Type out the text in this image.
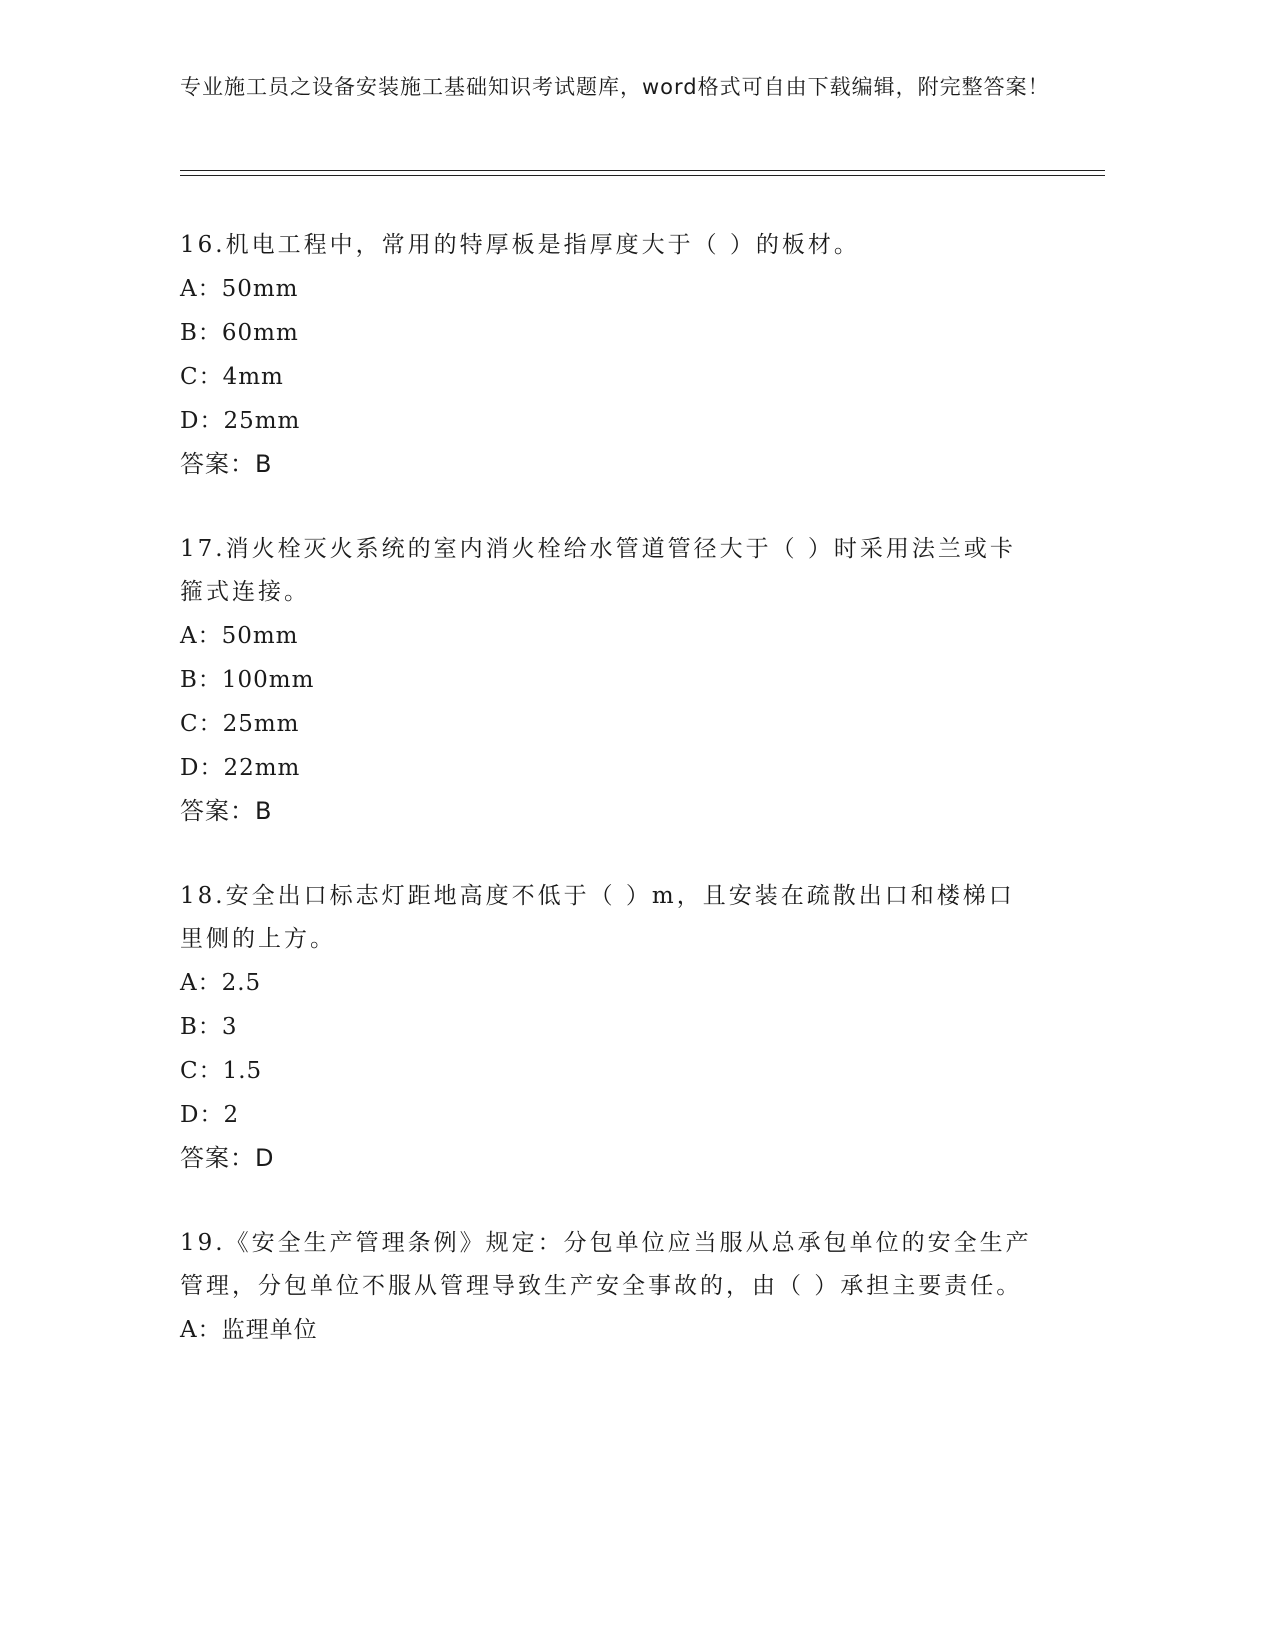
专业施工员之设备安装施工基础知识考试题库，word格式可自由下载编辑，附完整答案！

16.机电工程中，常用的特厚板是指厚度大于（ ）的板材。

A：50mm

B：60mm

C：4mm

D：25mm

答案：B

17.消火栓灭火系统的室内消火栓给水管道管径大于（ ）时采用法兰或卡箍式连接。

A：50mm

B：100mm

C：25mm

D：22mm

答案：B

18.安全出口标志灯距地高度不低于（ ）m，且安装在疏散出口和楼梯口里侧的上方。

A：2.5

B：3

C：1.5

D：2

答案：D

19.《安全生产管理条例》规定：分包单位应当服从总承包单位的安全生产管理，分包单位不服从管理导致生产安全事故的，由（ ）承担主要责任。

A：监理单位
